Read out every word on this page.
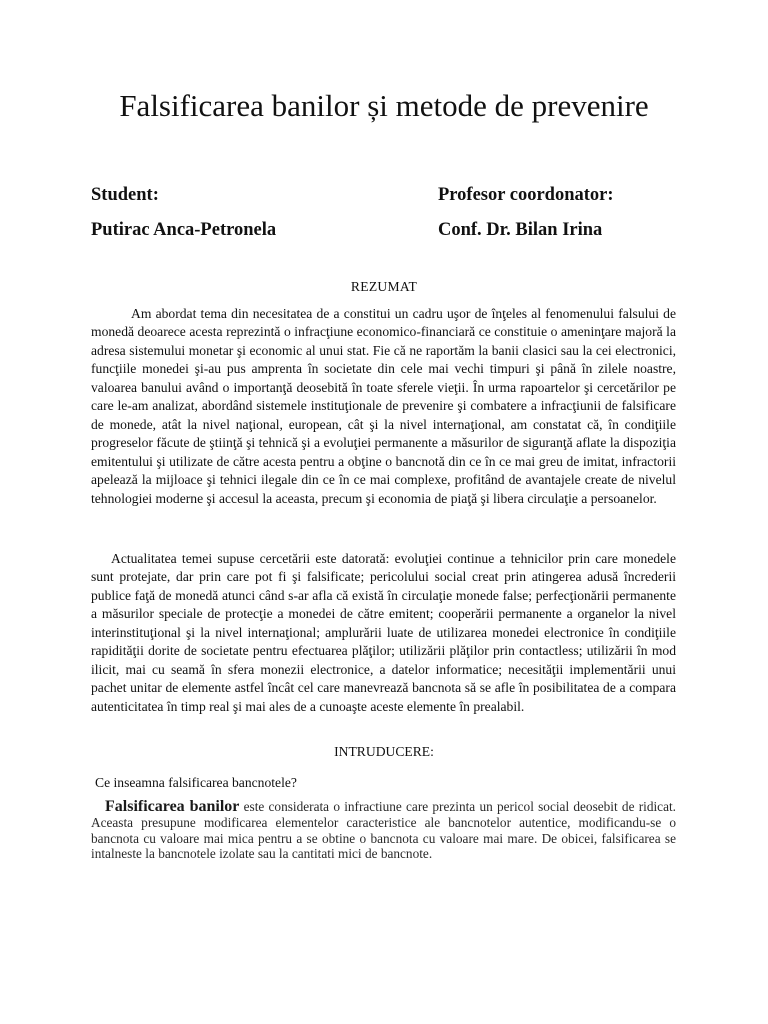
Falsificarea banilor și metode de prevenire
Student:
Putirac Anca-Petronela
Profesor coordonator:
Conf. Dr. Bilan Irina
REZUMAT

Am abordat tema din necesitatea de a constitui un cadru uşor de înţeles al fenomenului falsului de monedă deoarece acesta reprezintă o infracţiune economico-financiară ce constituie o ameninţare majoră la adresa sistemului monetar şi economic al unui stat. Fie că ne raportăm la banii clasici sau la cei electronici, funcţiile monedei şi-au pus amprenta în societate din cele mai vechi timpuri şi până în zilele noastre, valoarea banului având o importanţă deosebită în toate sferele vieţii. În urma rapoartelor şi cercetărilor pe care le-am analizat, abordând sistemele instituţionale de prevenire şi combatere a infracţiunii de falsificare de monede, atât la nivel naţional, european, cât şi la nivel internaţional, am constatat că, în condiţiile progreselor făcute de ştiinţă şi tehnică şi a evoluţiei permanente a măsurilor de siguranţă aflate la dispoziţia emitentului şi utilizate de către acesta pentru a obţine o bancnotă din ce în ce mai greu de imitat, infractorii apelează la mijloace şi tehnici ilegale din ce în ce mai complexe, profitând de avantajele create de nivelul tehnologiei moderne şi accesul la aceasta, precum şi economia de piaţă şi libera circulaţie a persoanelor.

Actualitatea temei supuse cercetării este datorată: evoluţiei continue a tehnicilor prin care monedele sunt protejate, dar prin care pot fi şi falsificate; pericolului social creat prin atingerea adusă încrederii publice faţă de monedă atunci când s-ar afla că există în circulaţie monede false; perfecţionării permanente a măsurilor speciale de protecţie a monedei de către emitent; cooperării permanente a organelor la nivel interinstituţional şi la nivel internaţional; amplurării luate de utilizarea monedei electronice în condiţiile rapidităţii dorite de societate pentru efectuarea plăţilor; utilizării plăţilor prin contactless; utilizării în mod ilicit, mai cu seamă în sfera monezii electronice, a datelor informatice; necesităţii implementării unui pachet unitar de elemente astfel încât cel care manevrează bancnota să se afle în posibilitatea de a compara autenticitatea în timp real şi mai ales de a cunoaşte aceste elemente în prealabil.

INTRUDUCERE:
Ce inseamna falsificarea bancnotele?

Falsificarea banilor este considerata o infractiune care prezinta un pericol social deosebit de ridicat. Aceasta presupune modificarea elementelor caracteristice ale bancnotelor autentice, modificandu-se o bancnota cu valoare mai mica pentru a se obtine o bancnota cu valoare mai mare. De obicei, falsificarea se intalneste la bancnotele izolate sau la cantitati mici de bancnote.
